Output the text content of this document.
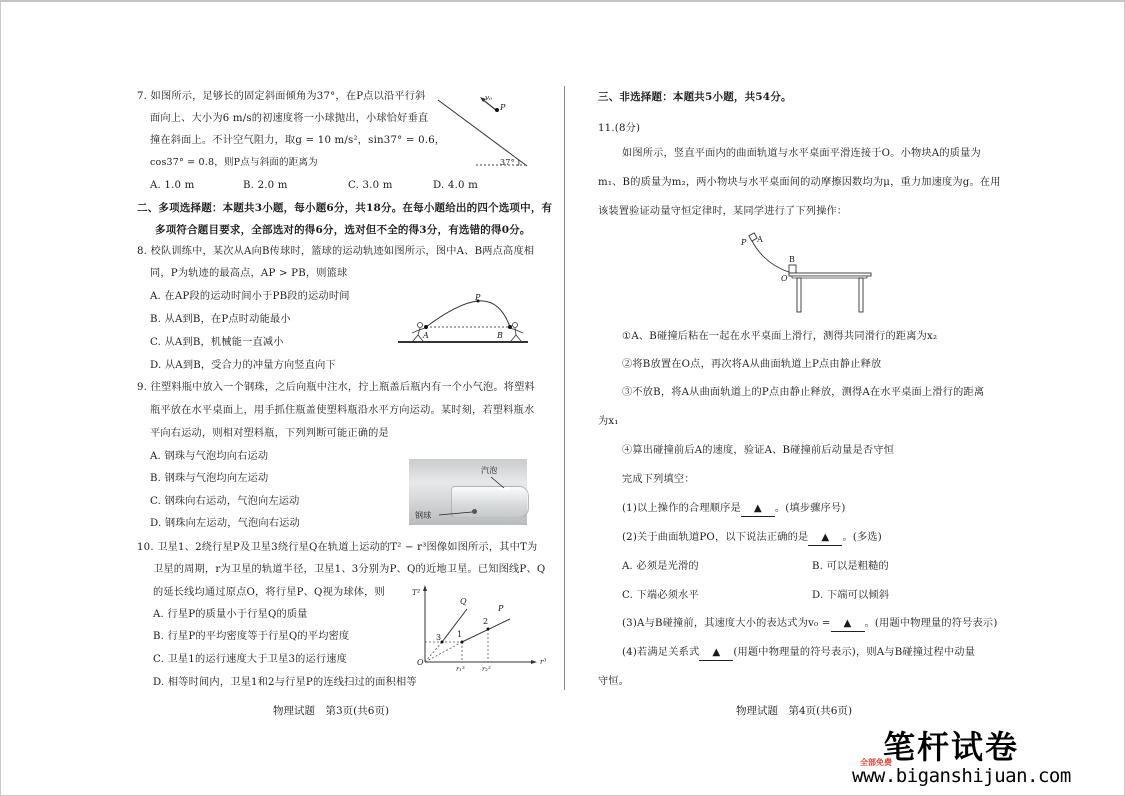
7. 如图所示，足够长的固定斜面倾角为37°，在P点以沿平行斜
面向上、大小为6 m/s的初速度将一小球抛出，小球恰好垂直
撞在斜面上。不计空气阻力，取g = 10 m/s²，sin37° = 0.6，
cos37° = 0.8，则P点与斜面的距离为
A. 1.0 m	B. 2.0 m	C. 3.0 m	D. 4.0 m
37°
P
v₀
二、多项选择题：本题共3小题，每小题6分，共18分。在每小题给出的四个选项中，有
多项符合题目要求，全部选对的得6分，选对但不全的得3分，有选错的得0分。
8. 校队训练中，某次从A向B传球时，篮球的运动轨迹如图所示，图中A、B两点高度相
同，P为轨迹的最高点，AP > PB，则篮球
A. 在AP段的运动时间小于PB段的运动时间
B. 从A到B，在P点时动能最小
C. 从A到B，机械能一直减小
D. 从A到B，受合力的冲量方向竖直向下
P
A	B
9. 往塑料瓶中放入一个钢珠，之后向瓶中注水，拧上瓶盖后瓶内有一个小气泡。将塑料
瓶平放在水平桌面上，用手抓住瓶盖使塑料瓶沿水平方向运动。某时刻，若塑料瓶水
平向右运动，则相对塑料瓶，下列判断可能正确的是
A. 钢珠与气泡均向右运动
B. 钢珠与气泡均向左运动
C. 钢珠向右运动，气泡向左运动
D. 钢珠向左运动，气泡向右运动
汽泡
钢球
10. 卫星1、2绕行星P及卫星3绕行星Q在轨道上运动的T² − r³图像如图所示，其中T为
卫星的周期，r为卫星的轨道半径，卫星1、3分别为P、Q的近地卫星。已知图线P、Q
的延长线均通过原点O，将行星P、Q视为球体，则
A. 行星P的质量小于行星Q的质量
B. 行星P的平均密度等于行星Q的平均密度
C. 卫星1的运行速度大于卫星3的运行速度
D. 相等时间内，卫星1和2与行星P的连线扫过的面积相等
T²
r³
O
Q
P
3 1
2
r₁³	r₂³
物理试题　第3页(共6页)
三、非选择题：本题共5小题，共54分。
11.(8分)
如图所示，竖直平面内的曲面轨道与水平桌面平滑连接于O。小物块A的质量为
m₁、B的质量为m₂，两小物块与水平桌面间的动摩擦因数均为μ，重力加速度为g。在用
该装置验证动量守恒定律时，某同学进行了下列操作：
P A
B
O
①A、B碰撞后粘在一起在水平桌面上滑行，测得共同滑行的距离为x₂
②将B放置在O点，再次将A从曲面轨道上P点由静止释放
③不放B，将A从曲面轨道上的P点由静止释放，测得A在水平桌面上滑行的距离
为x₁
④算出碰撞前后A的速度，验证A、B碰撞前后动量是否守恒
完成下列填空：
(1)以上操作的合理顺序是 ▲ 。(填步骤序号)
(2)关于曲面轨道PO，以下说法正确的是 ▲ 。(多选)
A. 必须是光滑的	B. 可以是粗糙的
C. 下端必须水平	D. 下端可以倾斜
(3)A与B碰撞前，其速度大小的表达式为v₀ = ▲ 。(用题中物理量的符号表示)
(4)若满足关系式 ▲ (用题中物理量的符号表示)，则A与B碰撞过程中动量
守恒。
物理试题　第4页(共6页)
笔杆试卷
全部免费
www.biganshijuan.com
